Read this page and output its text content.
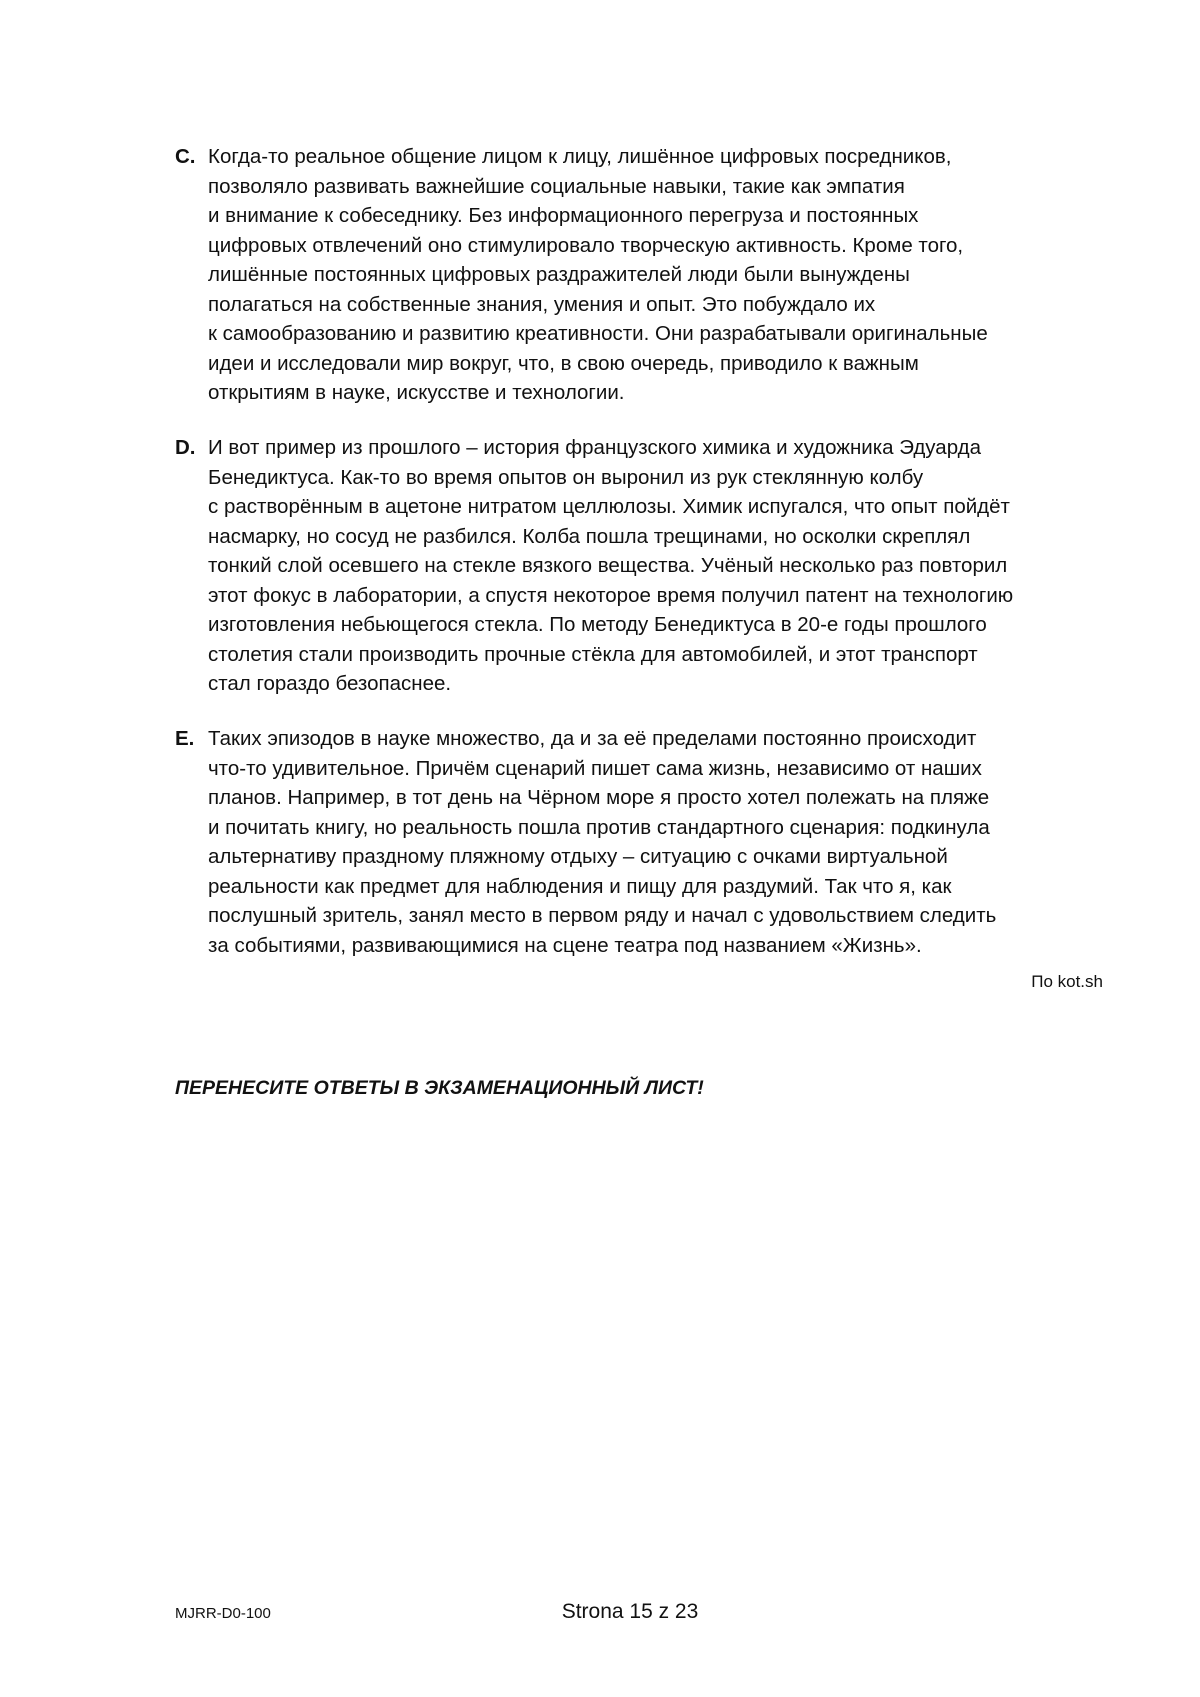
C. Когда-то реальное общение лицом к лицу, лишённое цифровых посредников,
позволяло развивать важнейшие социальные навыки, такие как эмпатия
и внимание к собеседнику. Без информационного перегруза и постоянных
цифровых отвлечений оно стимулировало творческую активность. Кроме того,
лишённые постоянных цифровых раздражителей люди были вынуждены
полагаться на собственные знания, умения и опыт. Это побуждало их
к самообразованию и развитию креативности. Они разрабатывали оригинальные
идеи и исследовали мир вокруг, что, в свою очередь, приводило к важным
открытиям в науке, искусстве и технологии.
D. И вот пример из прошлого – история французского химика и художника Эдуарда
Бенедиктуса. Как-то во время опытов он выронил из рук стеклянную колбу
с растворённым в ацетоне нитратом целлюлозы. Химик испугался, что опыт пойдёт
насмарку, но сосуд не разбился. Колба пошла трещинами, но осколки скреплял
тонкий слой осевшего на стекле вязкого вещества. Учёный несколько раз повторил
этот фокус в лаборатории, а спустя некоторое время получил патент на технологию
изготовления небьющегося стекла. По методу Бенедиктуса в 20-е годы прошлого
столетия стали производить прочные стёкла для автомобилей, и этот транспорт
стал гораздо безопаснее.
E. Таких эпизодов в науке множество, да и за её пределами постоянно происходит
что-то удивительное. Причём сценарий пишет сама жизнь, независимо от наших
планов. Например, в тот день на Чёрном море я просто хотел полежать на пляже
и почитать книгу, но реальность пошла против стандартного сценария: подкинула
альтернативу праздному пляжному отдыху – ситуацию с очками виртуальной
реальности как предмет для наблюдения и пищу для раздумий. Так что я, как
послушный зритель, занял место в первом ряду и начал с удовольствием следить
за событиями, развивающимися на сцене театра под названием «Жизнь».
По kot.sh
ПЕРЕНЕСИТЕ ОТВЕТЫ В ЭКЗАМЕНАЦИОННЫЙ ЛИСТ!
MJRR-D0-100	Strona 15 z 23
